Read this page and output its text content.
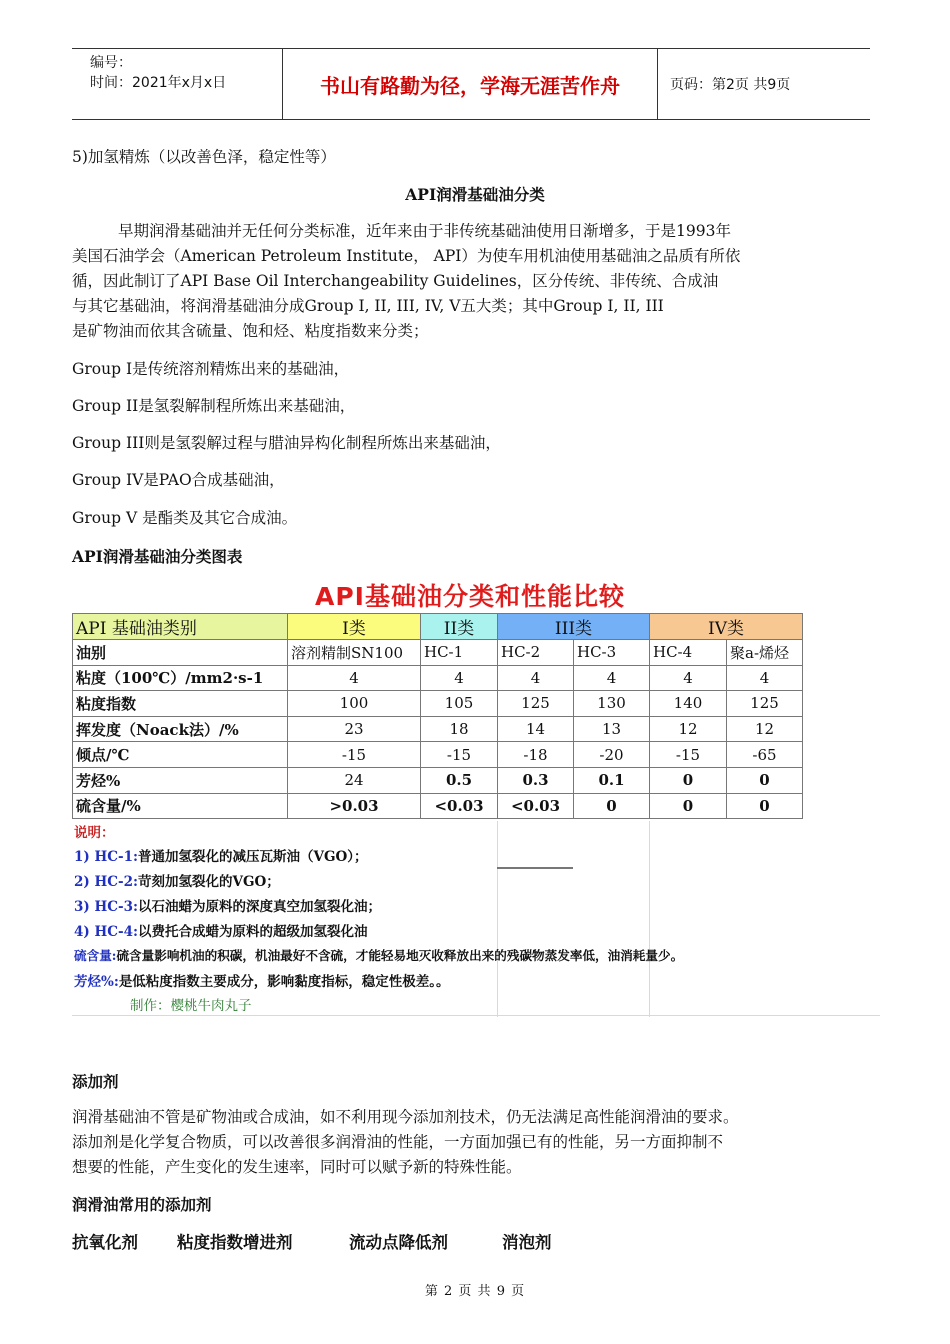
编号：
时间：2021年x月x日	书山有路勤为径，学海无涯苦作舟	页码：第2页 共9页
5)加氢精炼（以改善色泽，稳定性等）
API润滑基础油分类
早期润滑基础油并无任何分类标准，近年来由于非传统基础油使用日渐增多，于是1993年
美国石油学会（American Petroleum Institute， API）为使车用机油使用基础油之品质有所依
循，因此制订了API Base Oil Interchangeability Guidelines，区分传统、非传统、合成油
与其它基础油，将润滑基础油分成Group I, II, III, IV, V五大类；其中Group I, II, III
是矿物油而依其含硫量、饱和烃、粘度指数来分类；
Group I是传统溶剂精炼出来的基础油，
Group II是氢裂解制程所炼出来基础油，
Group III则是氢裂解过程与腊油异构化制程所炼出来基础油，
Group IV是PAO合成基础油，
Group V 是酯类及其它合成油。
API润滑基础油分类图表
API基础油分类和性能比较
API 基础油类别	I类	II类	III类		IV类	
油别	溶剂精制SN100	HC-1	HC-2	HC-3	HC-4	聚a-烯烃
粘度（100℃）/mm2·s-1	4	4	4	4	4	4
粘度指数	100	105	125	130	140	125
挥发度（Noack法）/%	23	18	14	13	12	12
倾点/℃	-15	-15	-18	-20	-15	-65
芳烃%	24	0.5	0.3	0.1	0	0
硫含量/%	>0.03	<0.03	<0.03	0	0	0
说明：
1) HC-1:普通加氢裂化的减压瓦斯油（VGO）；
2) HC-2:苛刻加氢裂化的VGO；
3) HC-3:以石油蜡为原料的深度真空加氢裂化油；
4) HC-4:以费托合成蜡为原料的超级加氢裂化油
硫含量:硫含量影响机油的积碳，机油最好不含硫，才能轻易地灭收释放出来的残碳物蒸发率低，油消耗量少。
芳烃%:是低粘度指数主要成分，影响黏度指标，稳定性极差。。
制作：樱桃牛肉丸子
添加剂
润滑基础油不管是矿物油或合成油，如不利用现今添加剂技术，仍无法满足高性能润滑油的要求。
添加剂是化学复合物质，可以改善很多润滑油的性能，一方面加强已有的性能，另一方面抑制不
想要的性能，产生变化的发生速率，同时可以赋予新的特殊性能。
润滑油常用的添加剂
抗氧化剂 粘度指数增进剂	流动点降低剂	消泡剂
第 2 页 共 9 页
